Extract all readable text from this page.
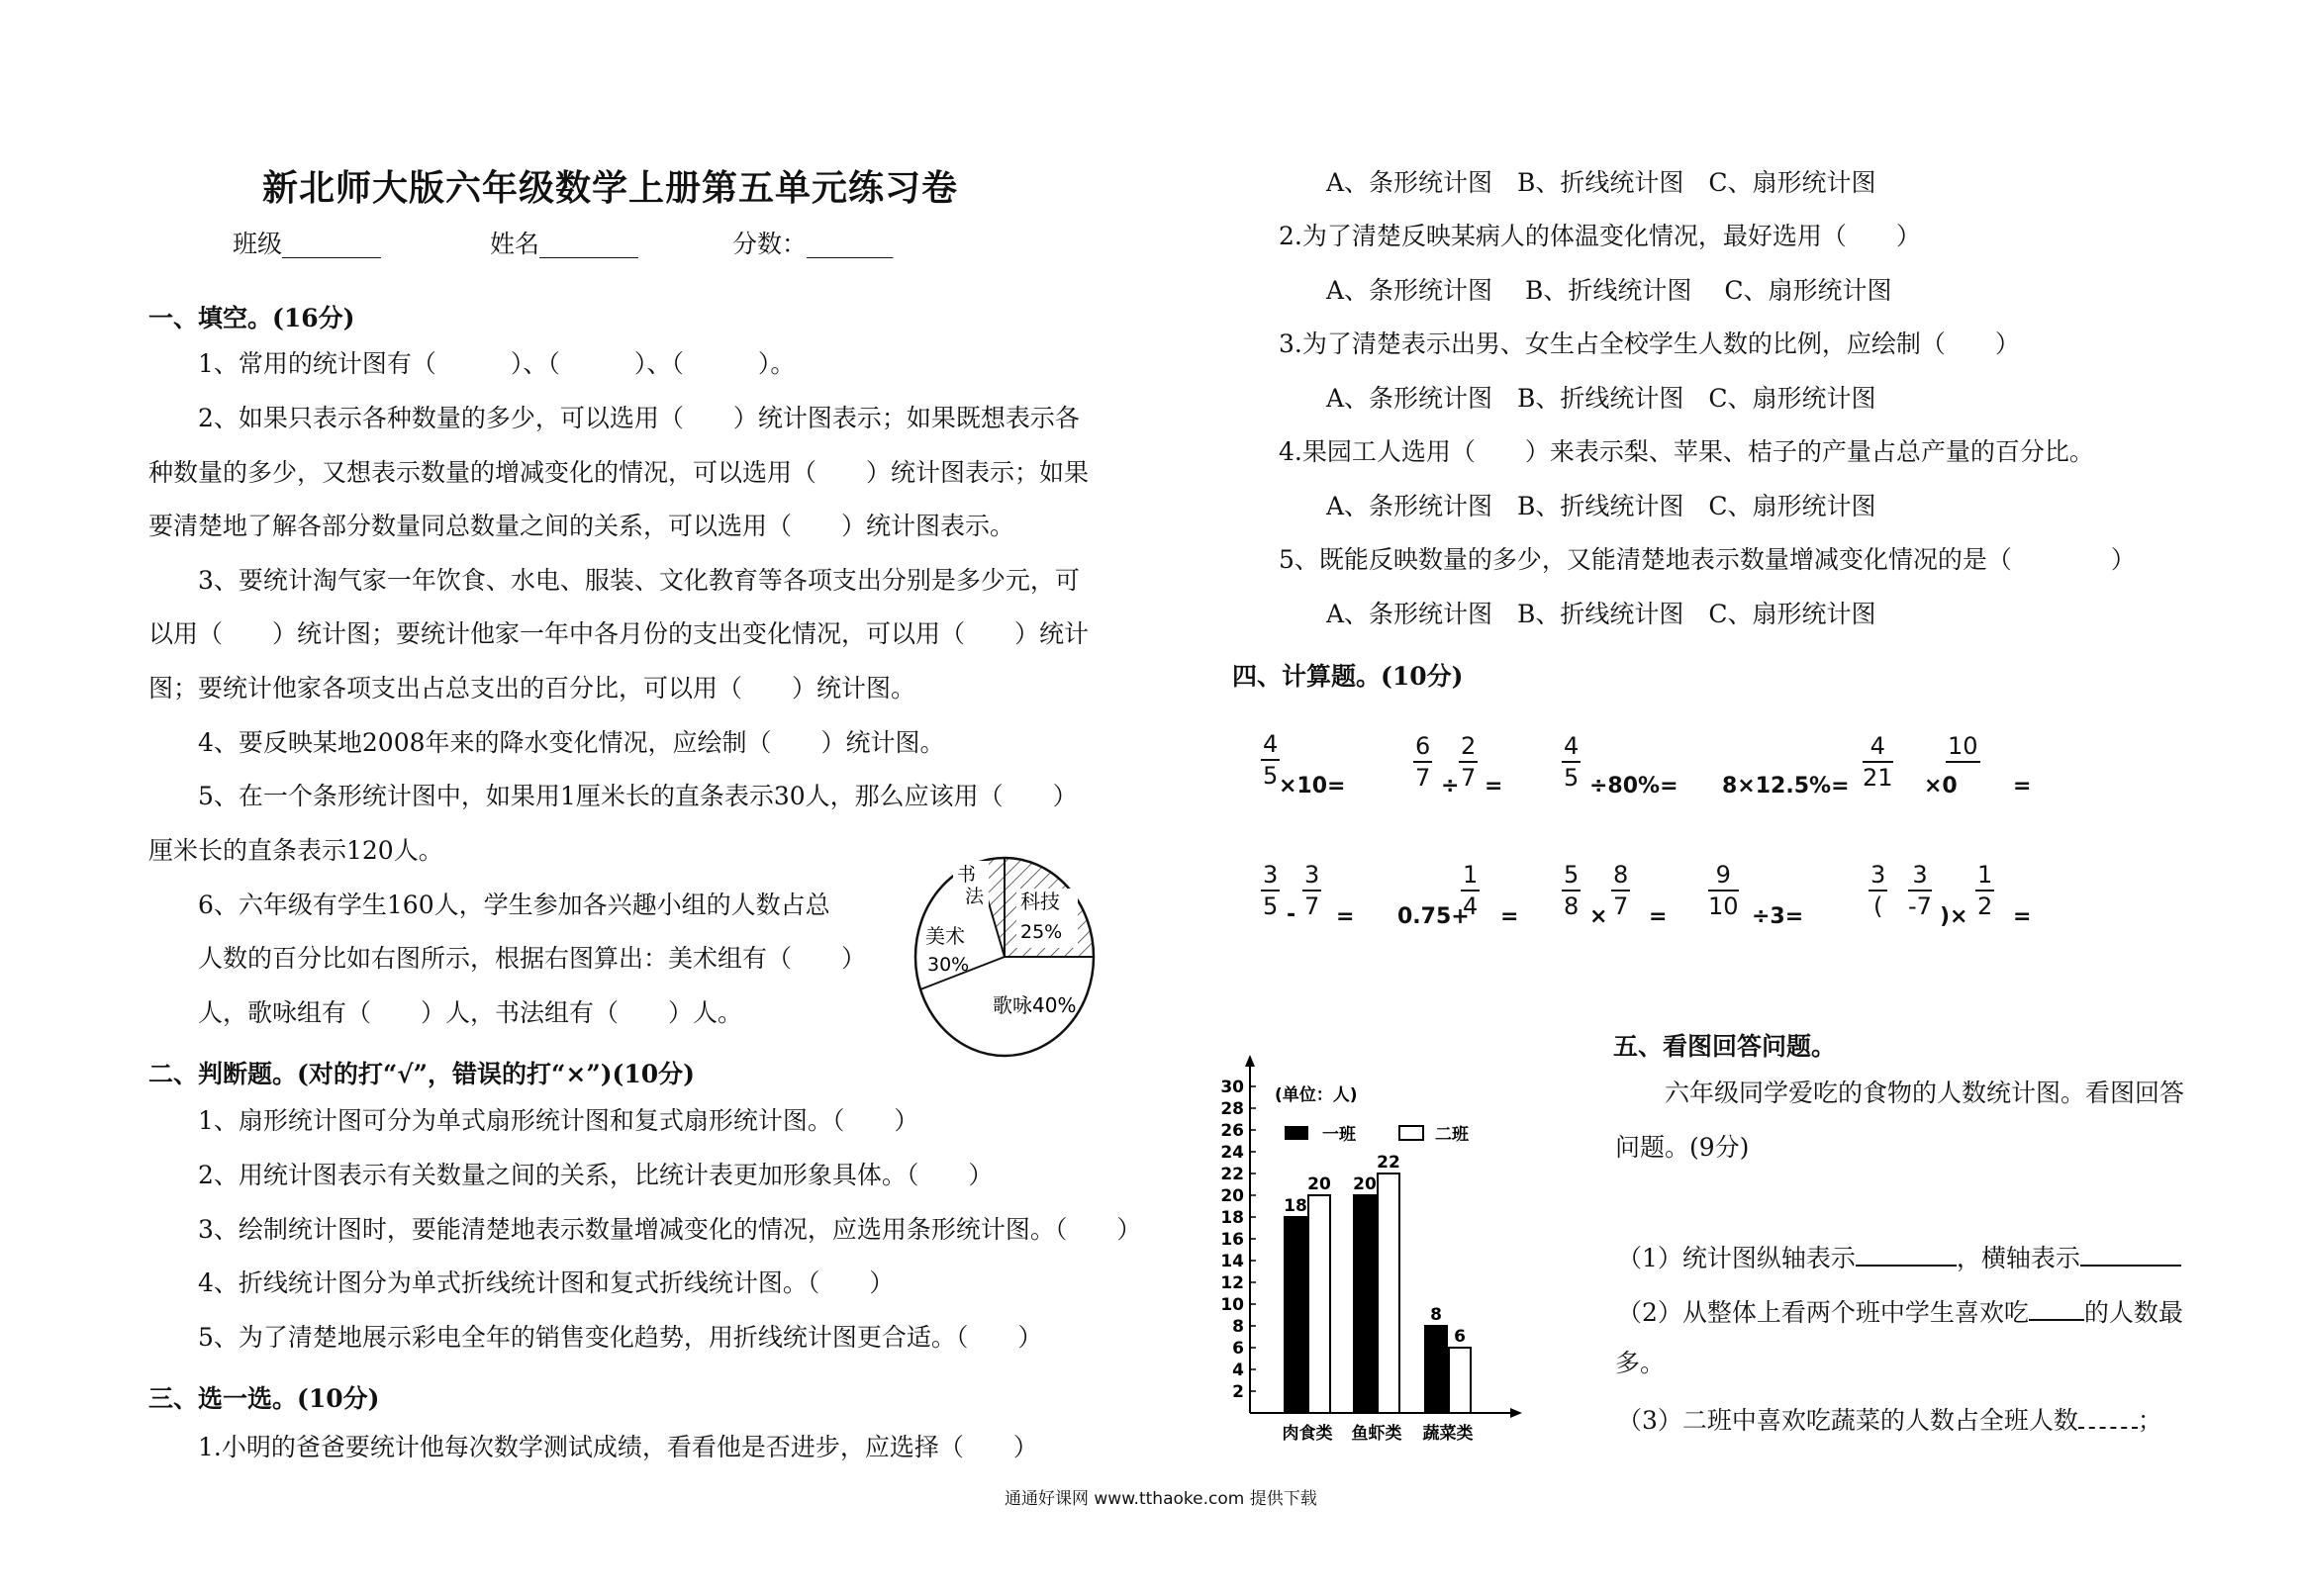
新北师大版六年级数学上册第五单元练习卷
班级________	姓名________	分数：_______
一、填空。(16分)
1、常用的统计图有（　　　）、（　　　）、（　　　）。
2、如果只表示各种数量的多少，可以选用（　　）统计图表示；如果既想表示各
种数量的多少，又想表示数量的增减变化的情况，可以选用（　　）统计图表示；如果
要清楚地了解各部分数量同总数量之间的关系，可以选用（　　）统计图表示。
3、要统计淘气家一年饮食、水电、服装、文化教育等各项支出分别是多少元，可
以用（　　）统计图；要统计他家一年中各月份的支出变化情况，可以用（　　）统计
图；要统计他家各项支出占总支出的百分比，可以用（　　）统计图。
4、要反映某地2008年来的降水变化情况，应绘制（　　）统计图。
5、在一个条形统计图中，如果用1厘米长的直条表示30人，那么应该用（　　）
厘米长的直条表示120人。
6、六年级有学生160人，学生参加各兴趣小组的人数占总
人数的百分比如右图所示，根据右图算出：美术组有（　　）
人，歌咏组有（　　）人，书法组有（　　）人。
二、判断题。(对的打“√”，错误的打“×”)(10分)
1、扇形统计图可分为单式扇形统计图和复式扇形统计图。（　　）
2、用统计图表示有关数量之间的关系，比统计表更加形象具体。（　　）
3、绘制统计图时，要能清楚地表示数量增减变化的情况，应选用条形统计图。（　　）
4、折线统计图分为单式折线统计图和复式折线统计图。（　　）
5、为了清楚地展示彩电全年的销售变化趋势，用折线统计图更合适。（　　）
三、选一选。(10分)
1.小明的爸爸要统计他每次数学测试成绩，看看他是否进步，应选择（　　）
书
法 科技
25%
美术
30%
歌咏40%
A、条形统计图　B、折线统计图　C、扇形统计图
2.为了清楚反映某病人的体温变化情况，最好选用（　　）
A、条形统计图　 B、折线统计图　 C、扇形统计图
3.为了清楚表示出男、女生占全校学生人数的比例，应绘制（　　）
A、条形统计图　B、折线统计图　C、扇形统计图
4.果园工人选用（　　）来表示梨、苹果、桔子的产量占总产量的百分比。
A、条形统计图　B、折线统计图　C、扇形统计图
5、既能反映数量的多少，又能清楚地表示数量增减变化情况的是（　　　　）
A、条形统计图　B、折线统计图　C、扇形统计图
四、计算题。(10分)
$\frac{4}{5}$
×10=	$\frac{6}{7} \div \frac{2}{7} = \frac{4}{5} \div 80\%= 8\times 12.5\%= \frac{4}{21} \times 0$
10
=
$\frac{3}{5} - \frac{3}{7} = 0.75+$
$\frac{1}{4} = \frac{5}{8} \times \frac{8}{7} = \frac{9}{10} \div 3=$
3
( $\frac{3}{-7}$ )× $\frac{1}{2}$ =
五、看图回答问题。
六年级同学爱吃的食物的人数统计图。看图回答
问题。(9分)
（1）统计图纵轴表示	，横轴表示
（2）从整体上看两个班中学生喜欢吃 的人数最
多。
（3）二班中喜欢吃蔬菜的人数占全班人数 ；
2
4
6
8
10
12
14
16
18
20
22
24
26
28
30
18
20
肉食类
20
22
鱼虾类
8
6
蔬菜类
(单位：人)
一班	二班
通通好课网 www.tthaoke.com 提供下载
